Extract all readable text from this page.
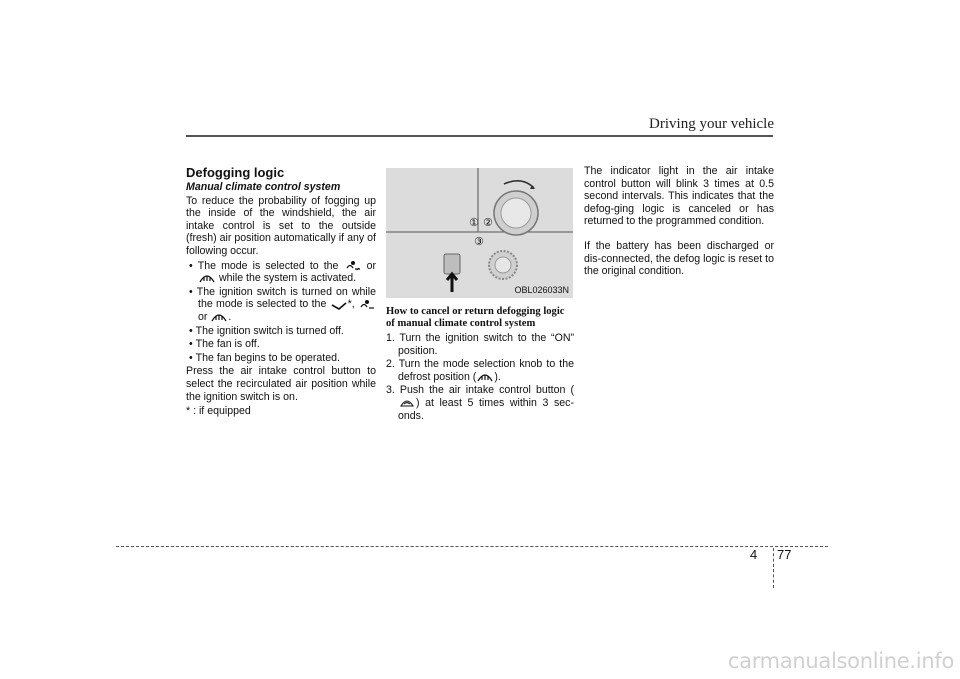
Driving your vehicle
Defogging logic
Manual climate control system

To reduce the probability of fogging up the inside of the windshield, the air intake control is set to the outside (fresh) air position automatically if any of following occur.

• The mode is selected to the  or  while the system is activated.
• The ignition switch is turned on while the mode is selected to the *,  or .
• The ignition switch is turned off.
• The fan is off.
• The fan begins to be operated.

Press the air intake control button to select the recirculated air position while the ignition switch is on.

* : if equipped

① ②
③
OBL026033N
How to cancel or return defogging logic
of manual climate control system
1. Turn the ignition switch to the “ON” position.
2. Turn the mode selection knob to the defrost position ( ).
3. Push the air intake control button () at least 5 times within 3 sec-onds.

The indicator light in the air intake control button will blink 3 times at 0.5 second intervals. This indicates that the defog-ging logic is canceled or has returned to the programmed condition.

If the battery has been discharged or dis-connected, the defog logic is reset to the original condition.

4 77
carmanualsonline.info
